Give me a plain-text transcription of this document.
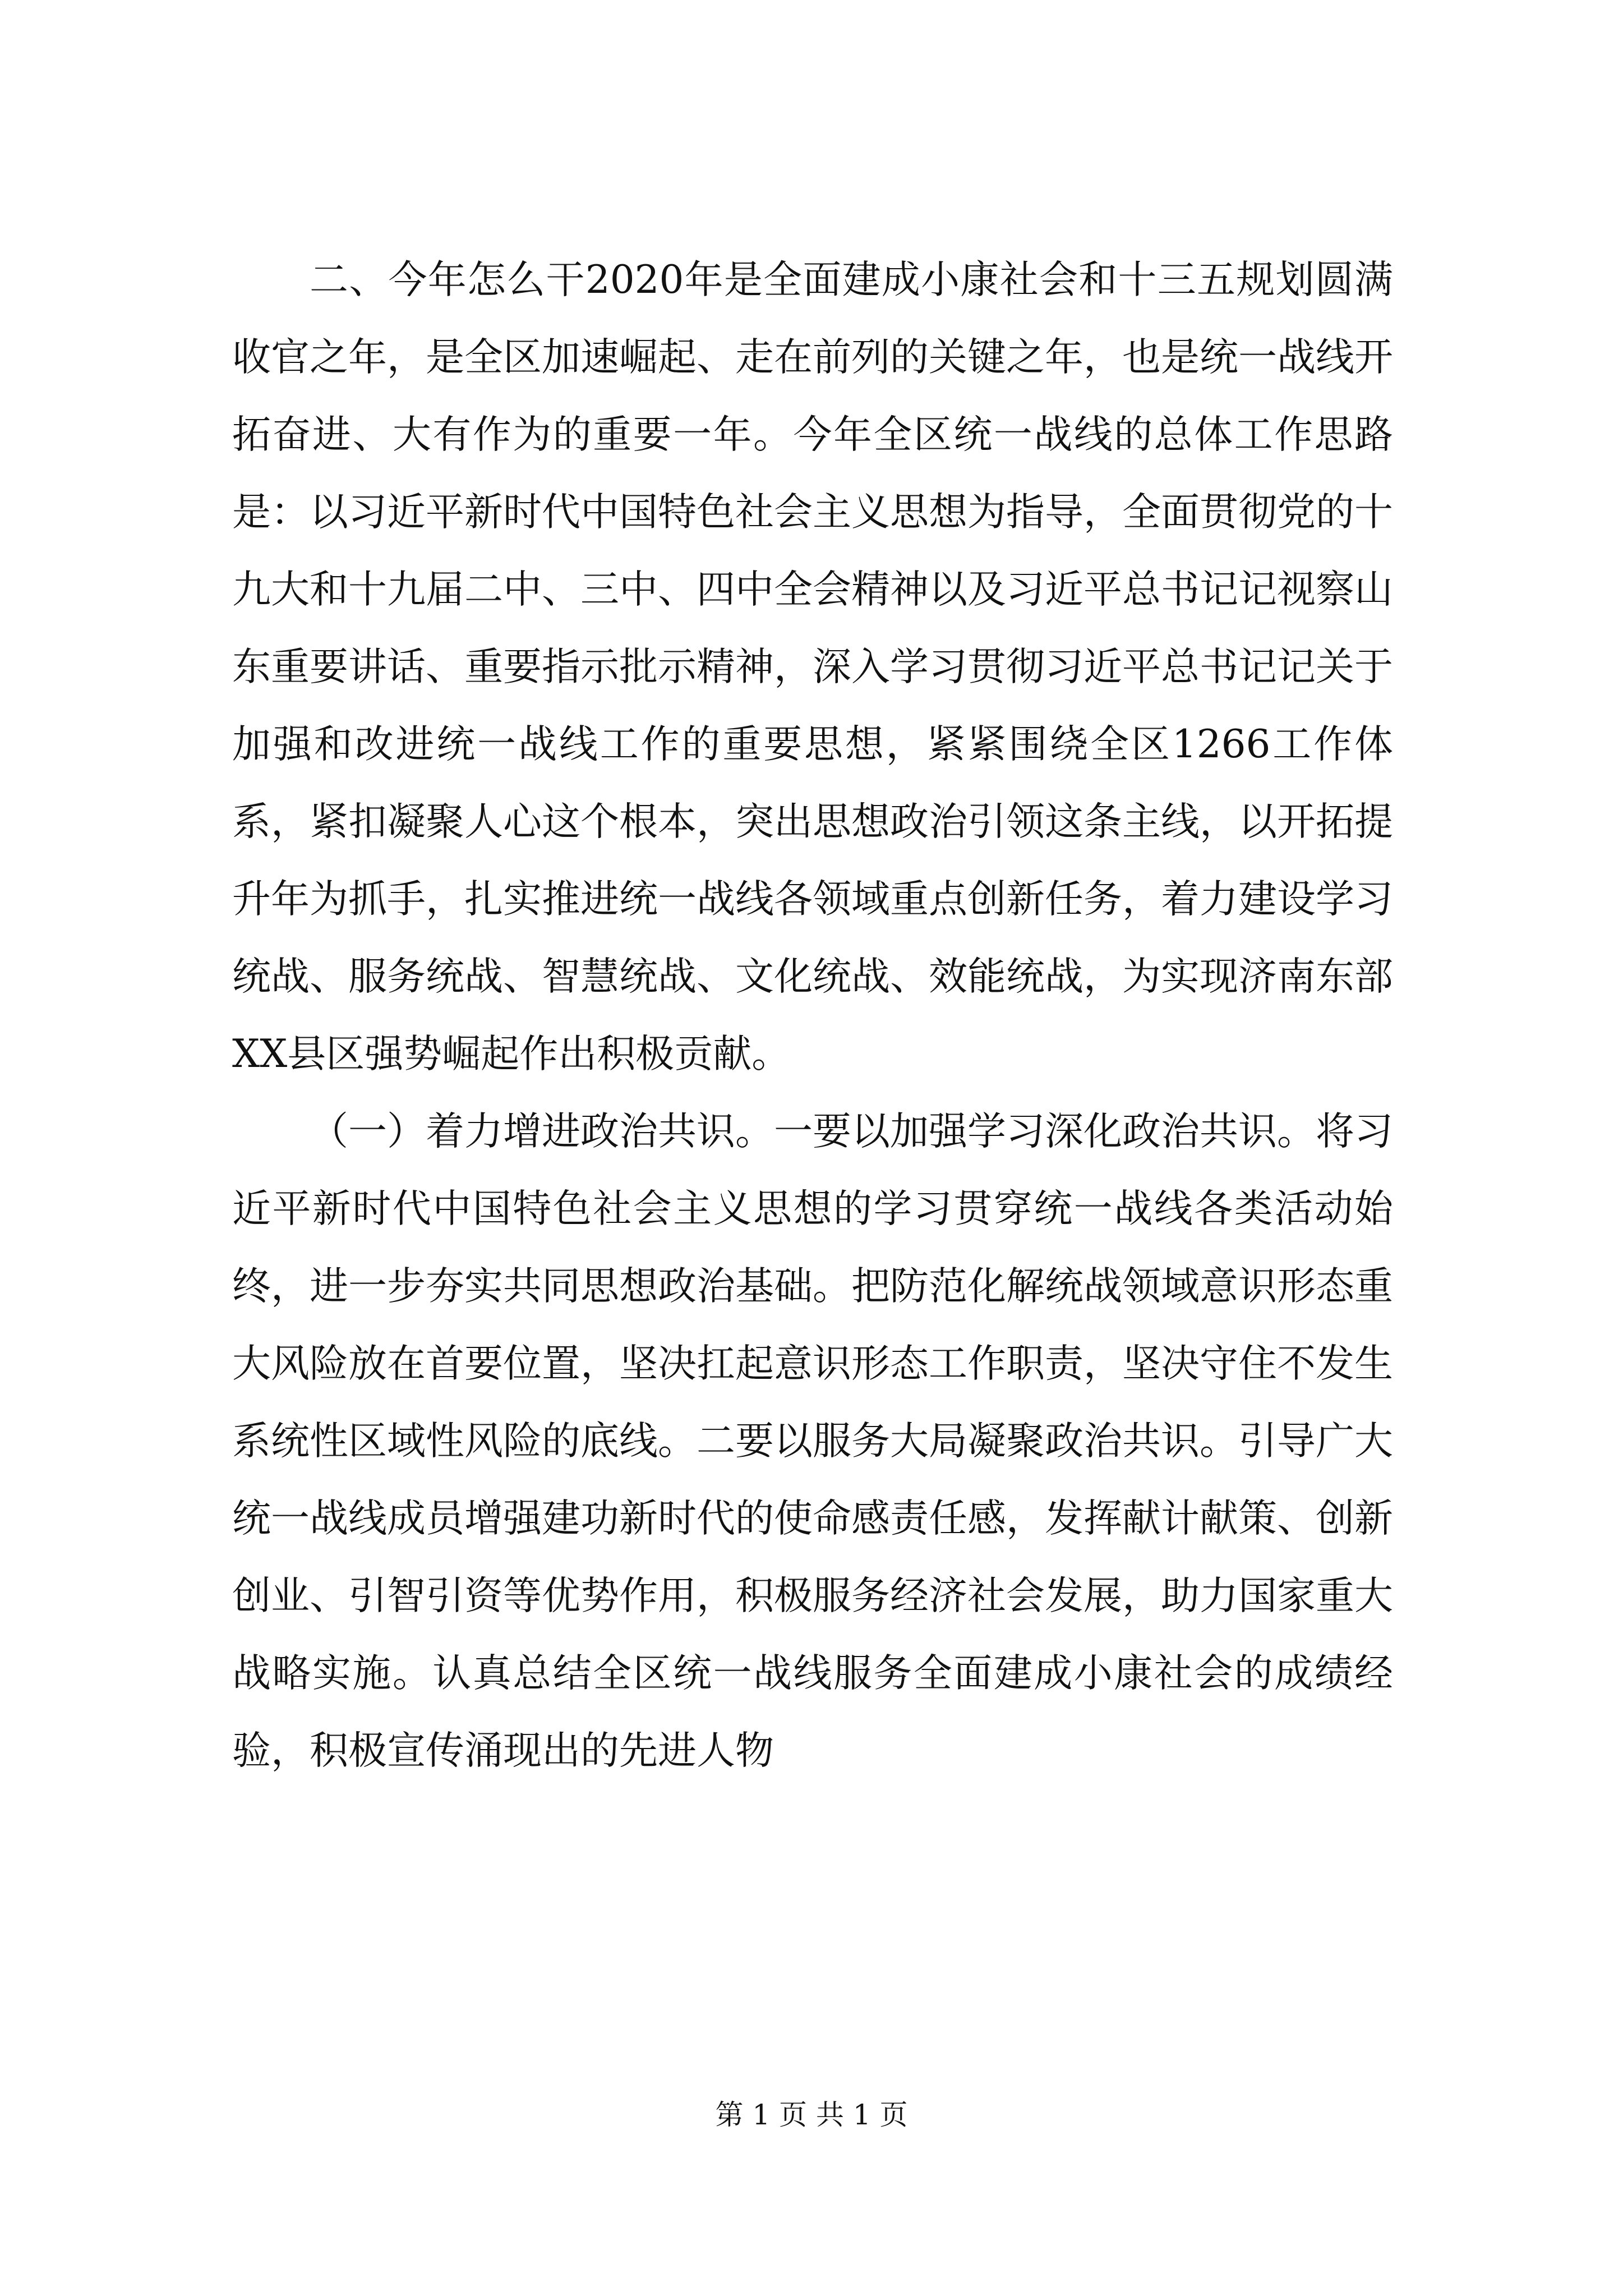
二、今年怎么干2020年是全面建成小康社会和十三五规划圆满收官之年，是全区加速崛起、走在前列的关键之年，也是统一战线开拓奋进、大有作为的重要一年。今年全区统一战线的总体工作思路是：以习近平新时代中国特色社会主义思想为指导，全面贯彻党的十九大和十九届二中、三中、四中全会精神以及习近平总书记记视察山东重要讲话、重要指示批示精神，深入学习贯彻习近平总书记记关于加强和改进统一战线工作的重要思想，紧紧围绕全区1266工作体系，紧扣凝聚人心这个根本，突出思想政治引领这条主线，以开拓提升年为抓手，扎实推进统一战线各领域重点创新任务，着力建设学习统战、服务统战、智慧统战、文化统战、效能统战，为实现济南东部XX县区强势崛起作出积极贡献。

（一）着力增进政治共识。一要以加强学习深化政治共识。将习近平新时代中国特色社会主义思想的学习贯穿统一战线各类活动始终，进一步夯实共同思想政治基础。把防范化解统战领域意识形态重大风险放在首要位置，坚决扛起意识形态工作职责，坚决守住不发生系统性区域性风险的底线。二要以服务大局凝聚政治共识。引导广大统一战线成员增强建功新时代的使命感责任感，发挥献计献策、创新创业、引智引资等优势作用，积极服务经济社会发展，助力国家重大战略实施。认真总结全区统一战线服务全面建成小康社会的成绩经验，积极宣传涌现出的先进人物

第 1 页 共 1 页
